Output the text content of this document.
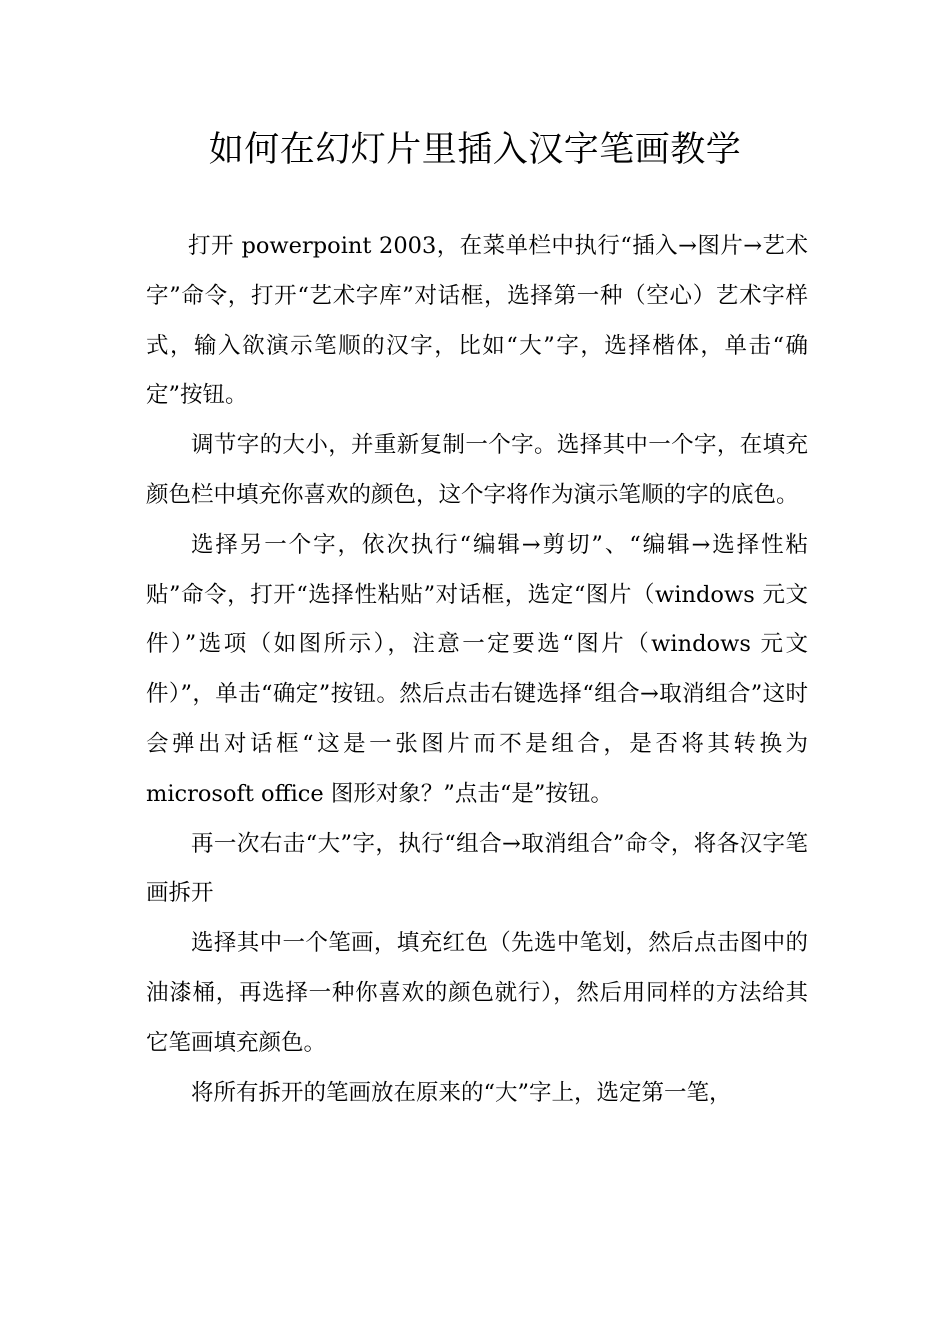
如何在幻灯片里插入汉字笔画教学

打开 powerpoint 2003，在菜单栏中执行“插入→图片→艺术字”命令，打开“艺术字库”对话框，选择第一种（空心）艺术字样式，输入欲演示笔顺的汉字，比如“大”字，选择楷体，单击“确定”按钮。

调节字的大小，并重新复制一个字。选择其中一个字，在填充颜色栏中填充你喜欢的颜色，这个字将作为演示笔顺的字的底色。

选择另一个字，依次执行“编辑→剪切”、“编辑→选择性粘贴”命令，打开“选择性粘贴”对话框，选定“图片（windows 元文件）”选项（如图所示），注意一定要选“图片（windows 元文件）”，单击“确定”按钮。然后点击右键选择“组合→取消组合”这时会弹出对话框“这是一张图片而不是组合，是否将其转换为 microsoft office 图形对象？”点击“是”按钮。

再一次右击“大”字，执行“组合→取消组合”命令，将各汉字笔画拆开

选择其中一个笔画，填充红色（先选中笔划，然后点击图中的油漆桶，再选择一种你喜欢的颜色就行），然后用同样的方法给其它笔画填充颜色。

将所有拆开的笔画放在原来的“大”字上，选定第一笔，
